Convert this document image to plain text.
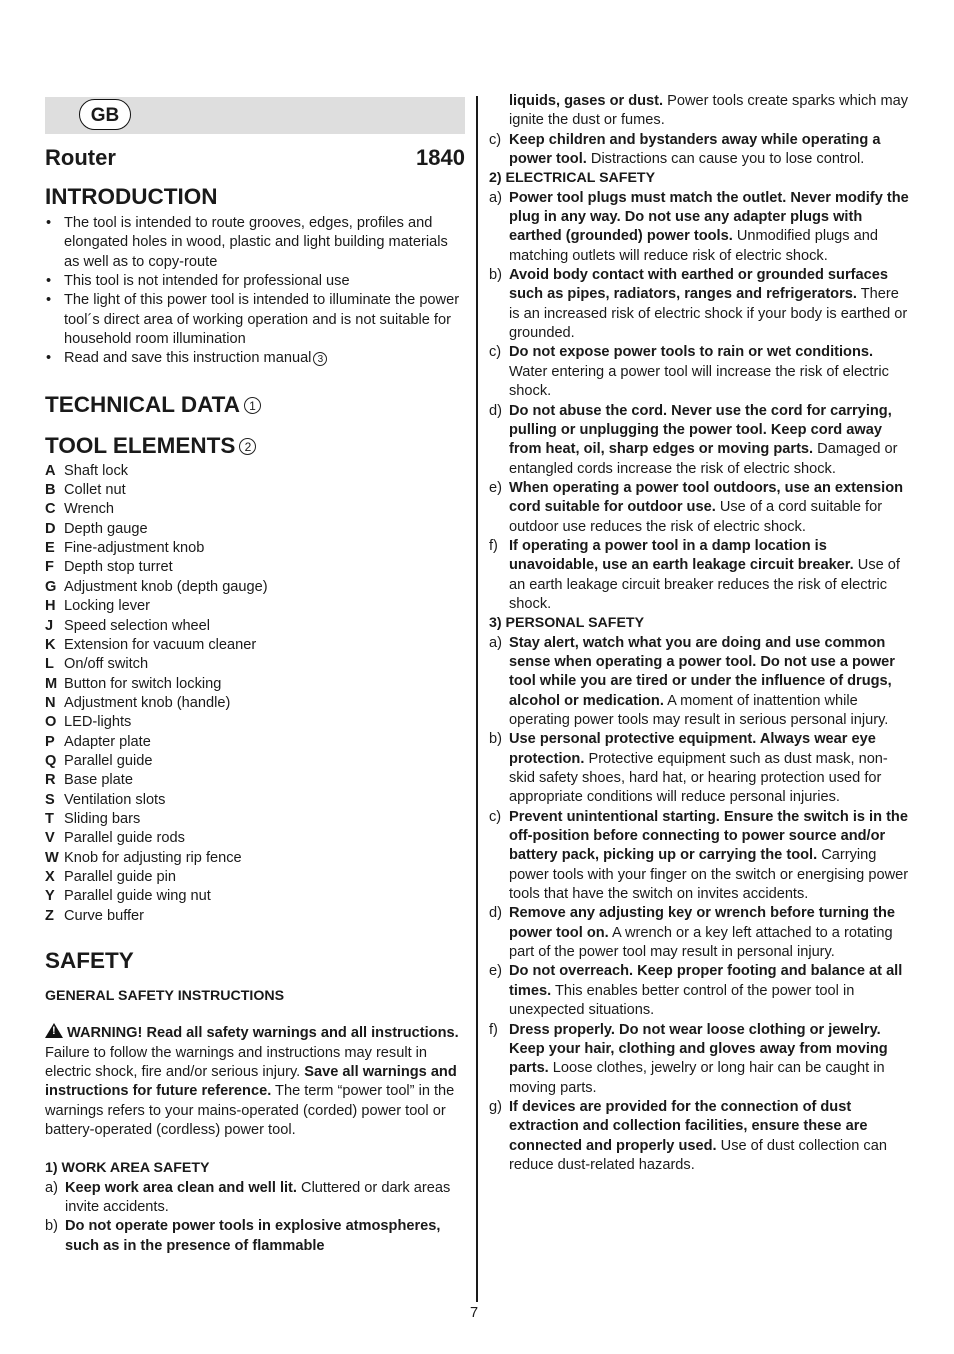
GB
Router	1840
INTRODUCTION
• The tool is intended to route grooves, edges, profiles and elongated holes in wood, plastic and light building materials as well as to copy-route
• This tool is not intended for professional use
• The light of this power tool is intended to illuminate the power tool´s direct area of working operation and is not suitable for household room illumination
• Read and save this instruction manual 3
TECHNICAL DATA 1
TOOL ELEMENTS 2
A Shaft lock
B Collet nut
C Wrench
D Depth gauge
E Fine-adjustment knob
F Depth stop turret
G Adjustment knob (depth gauge)
H Locking lever
J Speed selection wheel
K Extension for vacuum cleaner
L On/off switch
M Button for switch locking
N Adjustment knob (handle)
O LED-lights
P Adapter plate
Q Parallel guide
R Base plate
S Ventilation slots
T Sliding bars
V Parallel guide rods
W Knob for adjusting rip fence
X Parallel guide pin
Y Parallel guide wing nut
Z Curve buffer
SAFETY
GENERAL SAFETY INSTRUCTIONS
!WARNING! Read all safety warnings and all instructions. Failure to follow the warnings and instructions may result in electric shock, fire and/or serious injury. Save all warnings and instructions for future reference. The term “power tool” in the warnings refers to your mains-operated (corded) power tool or battery-operated (cordless) power tool.
1) WORK AREA SAFETY
a) Keep work area clean and well lit. Cluttered or dark areas invite accidents.
b) Do not operate power tools in explosive atmospheres, such as in the presence of flammable
liquids, gases or dust. Power tools create sparks which may ignite the dust or fumes.
c) Keep children and bystanders away while operating a power tool. Distractions can cause you to lose control.
2) ELECTRICAL SAFETY
a) Power tool plugs must match the outlet. Never modify the plug in any way. Do not use any adapter plugs with earthed (grounded) power tools. Unmodified plugs and matching outlets will reduce risk of electric shock.
b) Avoid body contact with earthed or grounded surfaces such as pipes, radiators, ranges and refrigerators. There is an increased risk of electric shock if your body is earthed or grounded.
c) Do not expose power tools to rain or wet conditions. Water entering a power tool will increase the risk of electric shock.
d) Do not abuse the cord. Never use the cord for carrying, pulling or unplugging the power tool. Keep cord away from heat, oil, sharp edges or moving parts. Damaged or entangled cords increase the risk of electric shock.
e) When operating a power tool outdoors, use an extension cord suitable for outdoor use. Use of a cord suitable for outdoor use reduces the risk of electric shock.
f) If operating a power tool in a damp location is unavoidable, use an earth leakage circuit breaker. Use of an earth leakage circuit breaker reduces the risk of electric shock.
3) PERSONAL SAFETY
a) Stay alert, watch what you are doing and use common sense when operating a power tool. Do not use a power tool while you are tired or under the influence of drugs, alcohol or medication. A moment of inattention while operating power tools may result in serious personal injury.
b) Use personal protective equipment. Always wear eye protection. Protective equipment such as dust mask, non-skid safety shoes, hard hat, or hearing protection used for appropriate conditions will reduce personal injuries.
c) Prevent unintentional starting. Ensure the switch is in the off-position before connecting to power source and/or battery pack, picking up or carrying the tool. Carrying power tools with your finger on the switch or energising power tools that have the switch on invites accidents.
d) Remove any adjusting key or wrench before turning the power tool on. A wrench or a key left attached to a rotating part of the power tool may result in personal injury.
e) Do not overreach. Keep proper footing and balance at all times. This enables better control of the power tool in unexpected situations.
f) Dress properly. Do not wear loose clothing or jewelry. Keep your hair, clothing and gloves away from moving parts. Loose clothes, jewelry or long hair can be caught in moving parts.
g) If devices are provided for the connection of dust extraction and collection facilities, ensure these are connected and properly used. Use of dust collection can reduce dust-related hazards.
7
